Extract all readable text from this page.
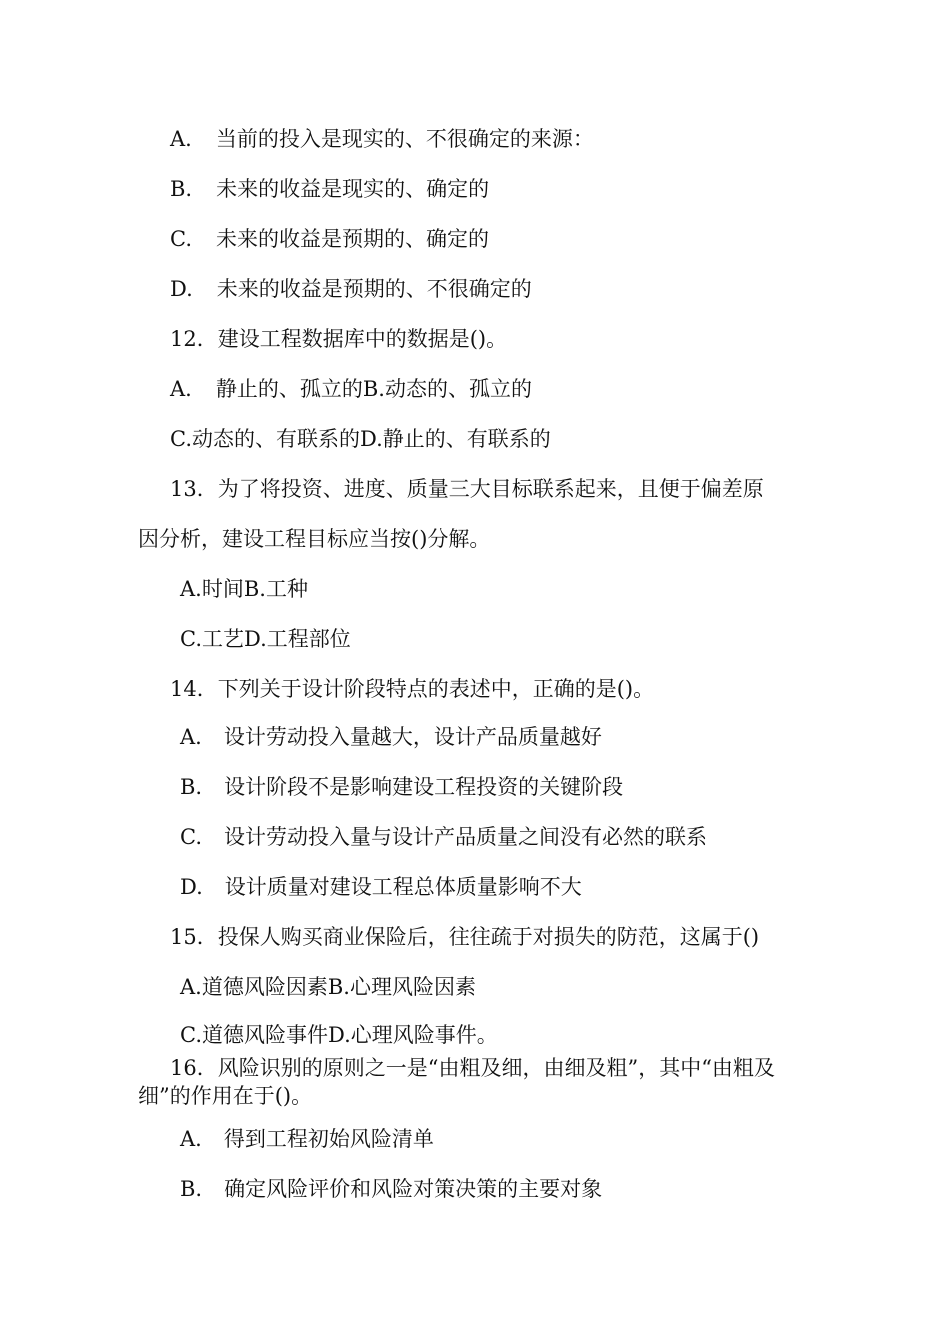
A. 当前的投入是现实的、不很确定的来源：
B. 未来的收益是现实的、确定的
C. 未来的收益是预期的、确定的
D. 未来的收益是预期的、不很确定的
12．建设工程数据库中的数据是()。
A. 静止的、孤立的B.动态的、孤立的
C.动态的、有联系的D.静止的、有联系的
13．为了将投资、进度、质量三大目标联系起来，且便于偏差原
因分析，建设工程目标应当按()分解。
A.时间B.工种
C.工艺D.工程部位
14．下列关于设计阶段特点的表述中，正确的是()。
A. 设计劳动投入量越大，设计产品质量越好
B. 设计阶段不是影响建设工程投资的关键阶段
C. 设计劳动投入量与设计产品质量之间没有必然的联系
D. 设计质量对建设工程总体质量影响不大
15．投保人购买商业保险后，往往疏于对损失的防范，这属于()
A.道德风险因素B.心理风险因素
C.道德风险事件D.心理风险事件。
16．风险识别的原则之一是“由粗及细，由细及粗”，其中“由粗及
细”的作用在于()。
A. 得到工程初始风险清单
B. 确定风险评价和风险对策决策的主要对象
